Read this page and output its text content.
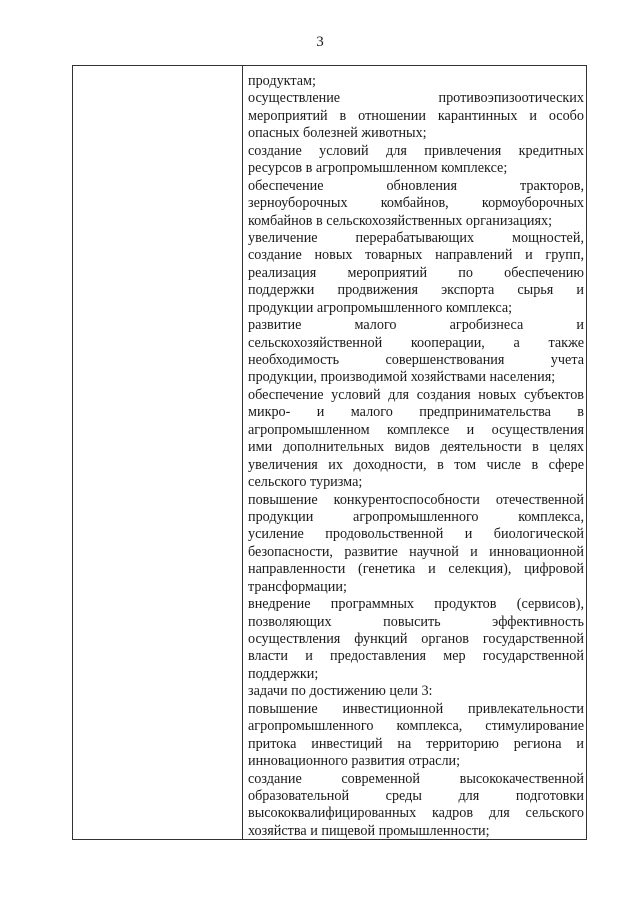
3
продуктам;
осуществление противоэпизоотических
мероприятий в отношении карантинных и особо
опасных болезней животных;
создание условий для привлечения кредитных
ресурсов в агропромышленном комплексе;
обеспечение обновления тракторов,
зерноуборочных комбайнов, кормоуборочных
комбайнов в сельскохозяйственных организациях;
увеличение перерабатывающих мощностей,
создание новых товарных направлений и групп,
реализация мероприятий по обеспечению
поддержки продвижения экспорта сырья и
продукции агропромышленного комплекса;
развитие малого агробизнеса и
сельскохозяйственной кооперации, а также
необходимость совершенствования учета
продукции, производимой хозяйствами населения;
обеспечение условий для создания новых субъектов
микро- и малого предпринимательства в
агропромышленном комплексе и осуществления
ими дополнительных видов деятельности в целях
увеличения их доходности, в том числе в сфере
сельского туризма;
повышение конкурентоспособности отечественной
продукции агропромышленного комплекса,
усиление продовольственной и биологической
безопасности, развитие научной и инновационной
направленности (генетика и селекция), цифровой
трансформации;
внедрение программных продуктов (сервисов),
позволяющих повысить эффективность
осуществления функций органов государственной
власти и предоставления мер государственной
поддержки;
задачи по достижению цели 3:
повышение инвестиционной привлекательности
агропромышленного комплекса, стимулирование
притока инвестиций на территорию региона и
инновационного развития отрасли;
создание современной высококачественной
образовательной среды для подготовки
высококвалифицированных кадров для сельского
хозяйства и пищевой промышленности;
